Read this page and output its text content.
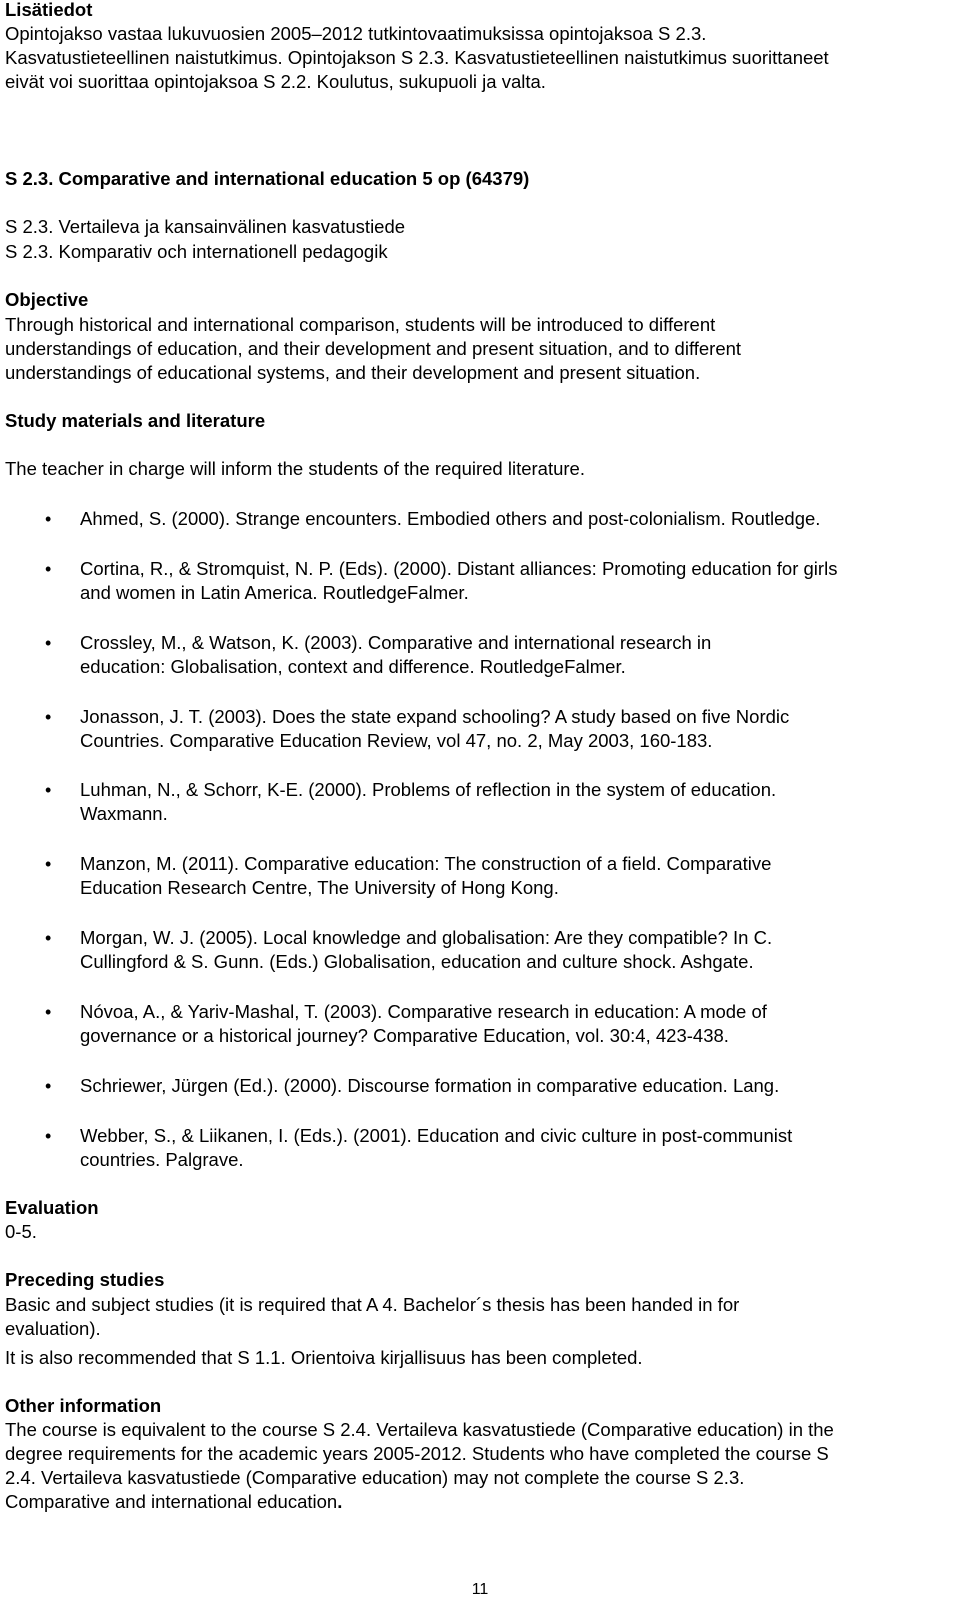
Lisätiedot

Opintojakso vastaa lukuvuosien 2005–2012 tutkintovaatimuksissa opintojaksoa S 2.3.

Kasvatustieteellinen naistutkimus. Opintojakson S 2.3. Kasvatustieteellinen naistutkimus suorittaneet

eivät voi suorittaa opintojaksoa S 2.2. Koulutus, sukupuoli ja valta.

S 2.3. Comparative and international education 5 op (64379)

S 2.3. Vertaileva ja kansainvälinen kasvatustiede

S 2.3. Komparativ och internationell pedagogik

Objective

Through historical and international comparison, students will be introduced to different

understandings of education, and their development and present situation, and to different

understandings of educational systems, and their development and present situation.

Study materials and literature

The teacher in charge will inform the students of the required literature.

• Ahmed, S. (2000). Strange encounters. Embodied others and post-colonialism. Routledge.

• Cortina, R., & Stromquist, N. P. (Eds). (2000). Distant alliances: Promoting education for girls

and women in Latin America. RoutledgeFalmer.

• Crossley, M., & Watson, K. (2003). Comparative and international research in

education: Globalisation, context and difference. RoutledgeFalmer.

• Jonasson, J. T. (2003). Does the state expand schooling? A study based on five Nordic

Countries. Comparative Education Review, vol 47, no. 2, May 2003, 160-183.

• Luhman, N., & Schorr, K-E. (2000). Problems of reflection in the system of education.

Waxmann.

• Manzon, M. (2011). Comparative education: The construction of a field. Comparative

Education Research Centre, The University of Hong Kong.

• Morgan, W. J. (2005). Local knowledge and globalisation: Are they compatible? In C.

Cullingford & S. Gunn. (Eds.) Globalisation, education and culture shock. Ashgate.

• Nóvoa, A., & Yariv-Mashal, T. (2003). Comparative research in education: A mode of

governance or a historical journey? Comparative Education, vol. 30:4, 423-438.

• Schriewer, Jürgen (Ed.). (2000). Discourse formation in comparative education. Lang.

• Webber, S., & Liikanen, I. (Eds.). (2001). Education and civic culture in post-communist

countries. Palgrave.

Evaluation

0-5.

Preceding studies

Basic and subject studies (it is required that A 4. Bachelor´s thesis has been handed in for

evaluation).

It is also recommended that S 1.1. Orientoiva kirjallisuus has been completed.

Other information

The course is equivalent to the course S 2.4. Vertaileva kasvatustiede (Comparative education) in the

degree requirements for the academic years 2005-2012. Students who have completed the course S

2.4. Vertaileva kasvatustiede (Comparative education) may not complete the course S 2.3.

Comparative and international education.

11
